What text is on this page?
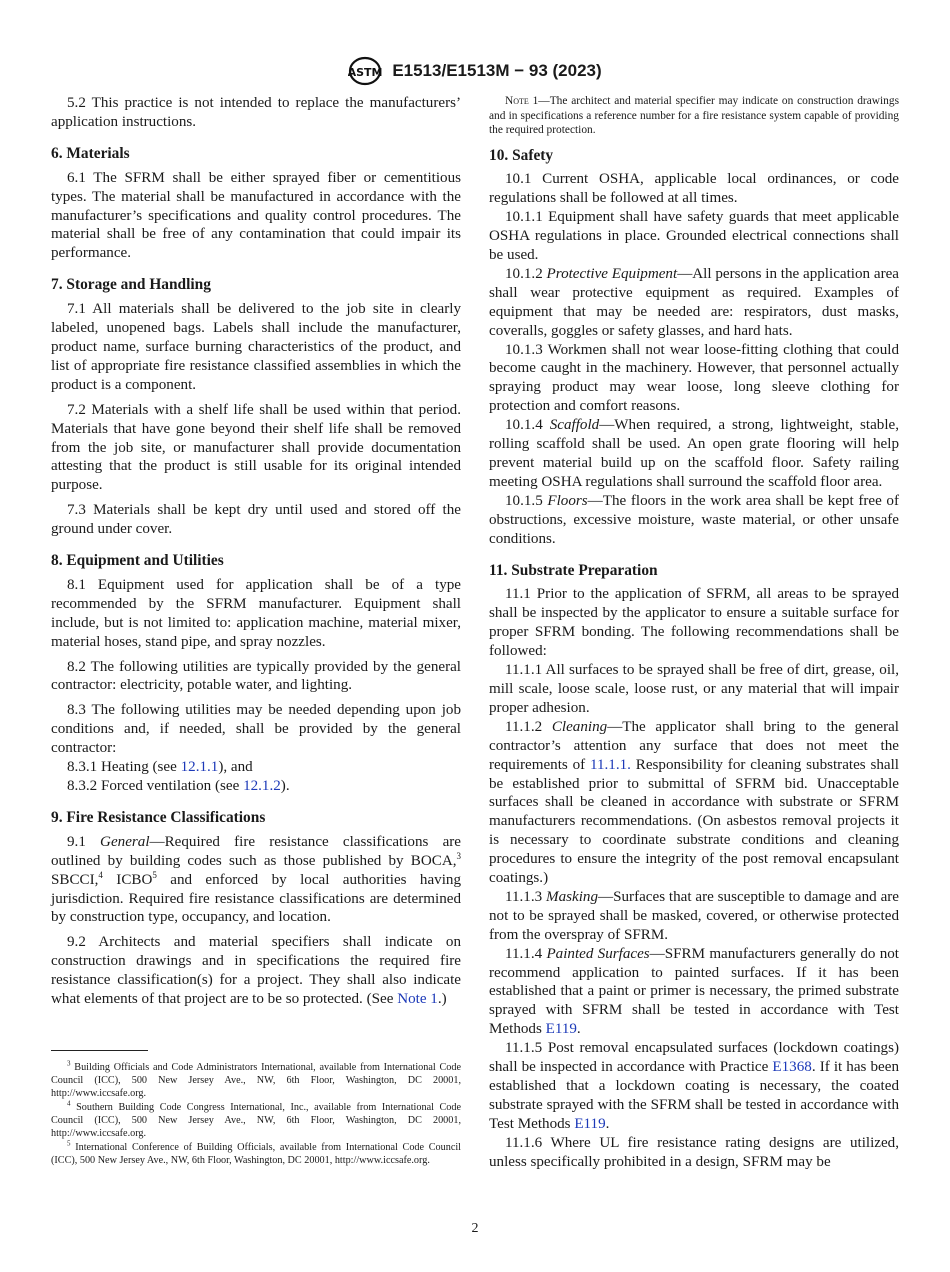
ASTM E1513/E1513M − 93 (2023)

5.2 This practice is not intended to replace the manufacturers’ application instructions.

6. Materials

6.1 The SFRM shall be either sprayed fiber or cementitious types. The material shall be manufactured in accordance with the manufacturer’s specifications and quality control procedures. The material shall be free of any contamination that could impair its performance.

7. Storage and Handling

7.1 All materials shall be delivered to the job site in clearly labeled, unopened bags. Labels shall include the manufacturer, product name, surface burning characteristics of the product, and list of appropriate fire resistance classified assemblies in which the product is a component.

7.2 Materials with a shelf life shall be used within that period. Materials that have gone beyond their shelf life shall be removed from the job site, or manufacturer shall provide documentation attesting that the product is still usable for its original intended purpose.

7.3 Materials shall be kept dry until used and stored off the ground under cover.

8. Equipment and Utilities

8.1 Equipment used for application shall be of a type recommended by the SFRM manufacturer. Equipment shall include, but is not limited to: application machine, material mixer, material hoses, stand pipe, and spray nozzles.

8.2 The following utilities are typically provided by the general contractor: electricity, potable water, and lighting.

8.3 The following utilities may be needed depending upon job conditions and, if needed, shall be provided by the general contractor:

8.3.1 Heating (see 12.1.1), and

8.3.2 Forced ventilation (see 12.1.2).

9. Fire Resistance Classifications

9.1 General—Required fire resistance classifications are outlined by building codes such as those published by BOCA,$^3$ SBCCI,$^4$ ICBO$^5$ and enforced by local authorities having jurisdiction. Required fire resistance classifications are determined by construction type, occupancy, and location.

9.2 Architects and material specifiers shall indicate on construction drawings and in specifications the required fire resistance classification(s) for a project. They shall also indicate what elements of that project are to be so protected. (See Note 1.)

$^3$ Building Officials and Code Administrators International, available from International Code Council (ICC), 500 New Jersey Ave., NW, 6th Floor, Washington, DC 20001, http://www.iccsafe.org.

$^4$ Southern Building Code Congress International, Inc., available from International Code Council (ICC), 500 New Jersey Ave., NW, 6th Floor, Washington, DC 20001, http://www.iccsafe.org.

$^5$ International Conference of Building Officials, available from International Code Council (ICC), 500 New Jersey Ave., NW, 6th Floor, Washington, DC 20001, http://www.iccsafe.org.

Note 1—The architect and material specifier may indicate on construction drawings and in specifications a reference number for a fire resistance system capable of providing the required protection.

10. Safety

10.1 Current OSHA, applicable local ordinances, or code regulations shall be followed at all times.

10.1.1 Equipment shall have safety guards that meet applicable OSHA regulations in place. Grounded electrical connections shall be used.

10.1.2 Protective Equipment—All persons in the application area shall wear protective equipment as required. Examples of equipment that may be needed are: respirators, dust masks, coveralls, goggles or safety glasses, and hard hats.

10.1.3 Workmen shall not wear loose-fitting clothing that could become caught in the machinery. However, that personnel actually spraying product may wear loose, long sleeve clothing for protection and comfort reasons.

10.1.4 Scaffold—When required, a strong, lightweight, stable, rolling scaffold shall be used. An open grate flooring will help prevent material build up on the scaffold floor. Safety railing meeting OSHA regulations shall surround the scaffold floor area.

10.1.5 Floors—The floors in the work area shall be kept free of obstructions, excessive moisture, waste material, or other unsafe conditions.

11. Substrate Preparation

11.1 Prior to the application of SFRM, all areas to be sprayed shall be inspected by the applicator to ensure a suitable surface for proper SFRM bonding. The following recommendations shall be followed:

11.1.1 All surfaces to be sprayed shall be free of dirt, grease, oil, mill scale, loose scale, loose rust, or any material that will impair proper adhesion.

11.1.2 Cleaning—The applicator shall bring to the general contractor’s attention any surface that does not meet the requirements of 11.1.1. Responsibility for cleaning substrates shall be established prior to submittal of SFRM bid. Unacceptable surfaces shall be cleaned in accordance with substrate or SFRM manufacturers recommendations. (On asbestos removal projects it is necessary to coordinate substrate conditions and cleaning procedures to ensure the integrity of the post removal encapsulant coatings.)

11.1.3 Masking—Surfaces that are susceptible to damage and are not to be sprayed shall be masked, covered, or otherwise protected from the overspray of SFRM.

11.1.4 Painted Surfaces—SFRM manufacturers generally do not recommend application to painted surfaces. If it has been established that a paint or primer is necessary, the primed substrate sprayed with SFRM shall be tested in accordance with Test Methods E119.

11.1.5 Post removal encapsulated surfaces (lockdown coatings) shall be inspected in accordance with Practice E1368. If it has been established that a lockdown coating is necessary, the coated substrate sprayed with the SFRM shall be tested in accordance with Test Methods E119.

11.1.6 Where UL fire resistance rating designs are utilized, unless specifically prohibited in a design, SFRM may be

2
